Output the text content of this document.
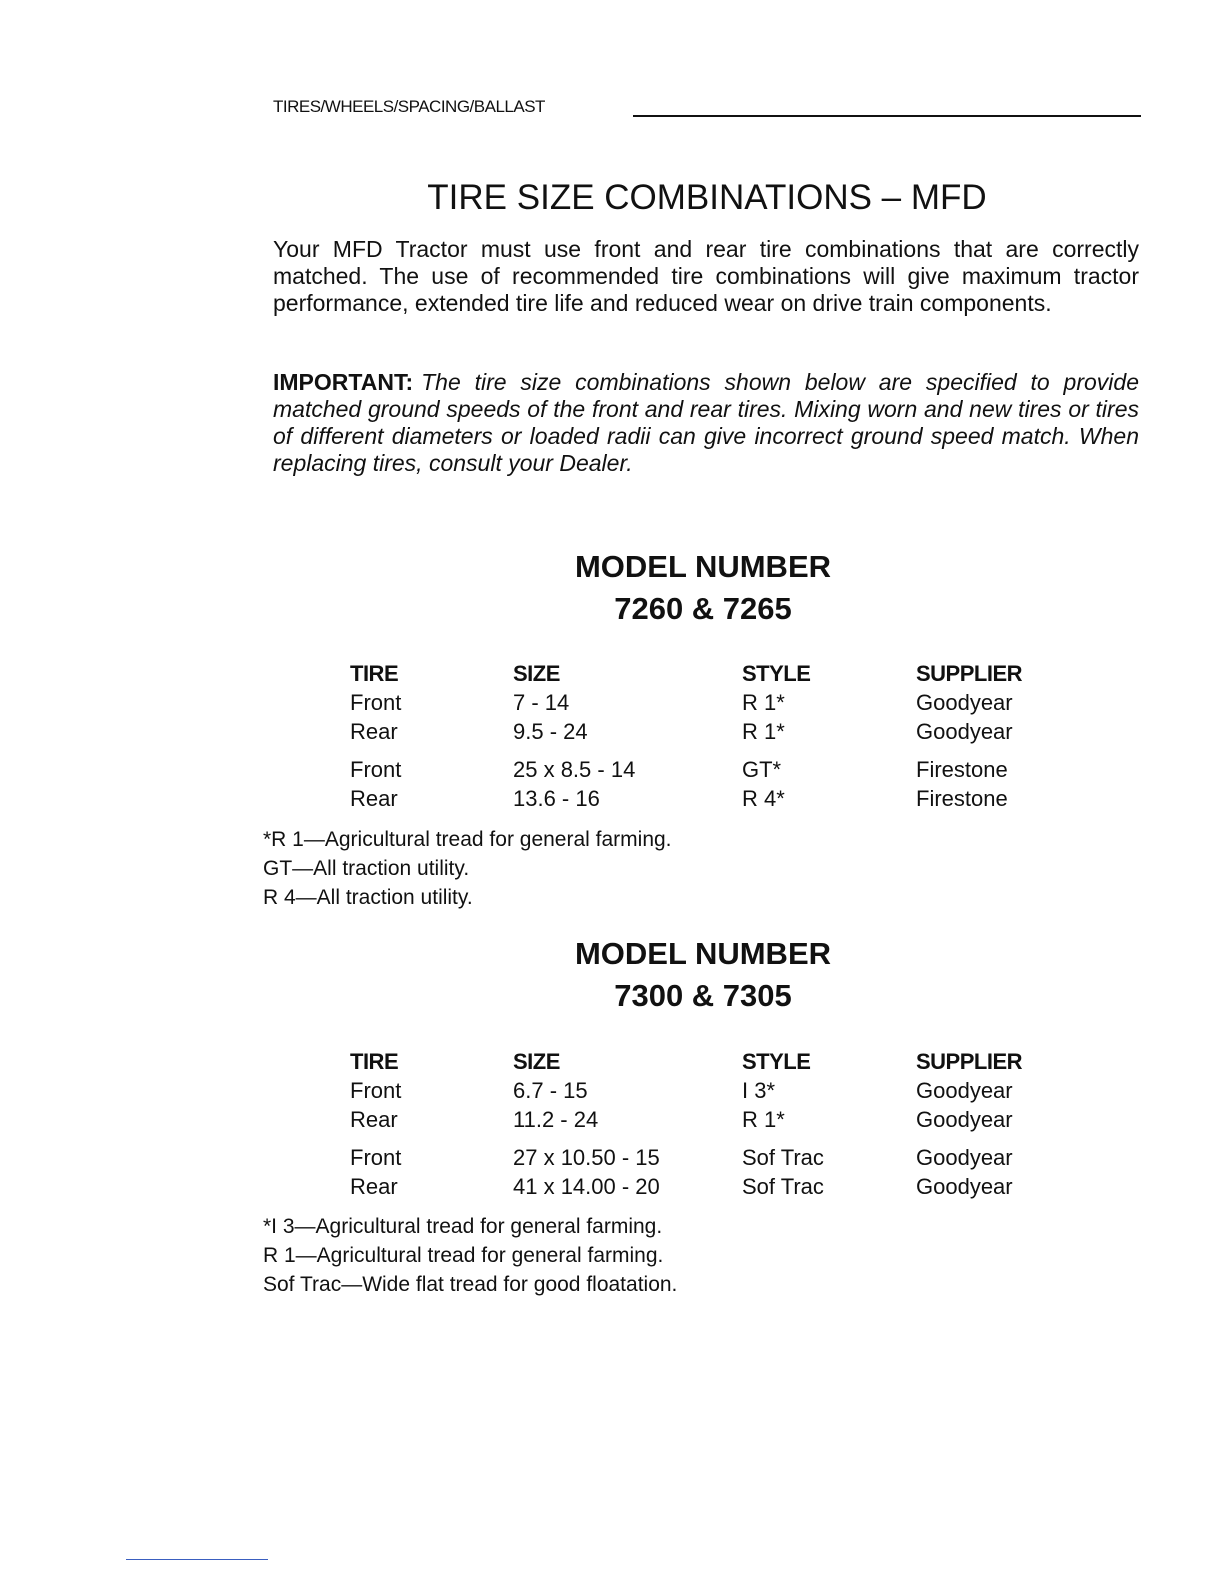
TIRES/WHEELS/SPACING/BALLAST
TIRE SIZE COMBINATIONS – MFD
Your MFD Tractor must use front and rear tire combinations that are correctly matched. The use of recommended tire combinations will give maximum tractor performance, extended tire life and reduced wear on drive train components.
IMPORTANT: The tire size combinations shown below are specified to provide matched ground speeds of the front and rear tires. Mixing worn and new tires or tires of different diameters or loaded radii can give incorrect ground speed match. When replacing tires, consult your Dealer.
MODEL NUMBER
7260 & 7265
TIRE	SIZE	STYLE	SUPPLIER
Front	7 - 14	R 1*	Goodyear
Rear	9.5 - 24	R 1*	Goodyear
Front	25 x 8.5 - 14	GT*	Firestone
Rear	13.6 - 16	R 4*	Firestone
*R 1—Agricultural tread for general farming.
GT—All traction utility.
R 4—All traction utility.
MODEL NUMBER
7300 & 7305
TIRE	SIZE	STYLE	SUPPLIER
Front	6.7 - 15	I 3*	Goodyear
Rear	11.2 - 24	R 1*	Goodyear
Front	27 x 10.50 - 15	Sof Trac	Goodyear
Rear	41 x 14.00 - 20	Sof Trac	Goodyear
*I 3—Agricultural tread for general farming.
R 1—Agricultural tread for general farming.
Sof Trac—Wide flat tread for good floatation.
